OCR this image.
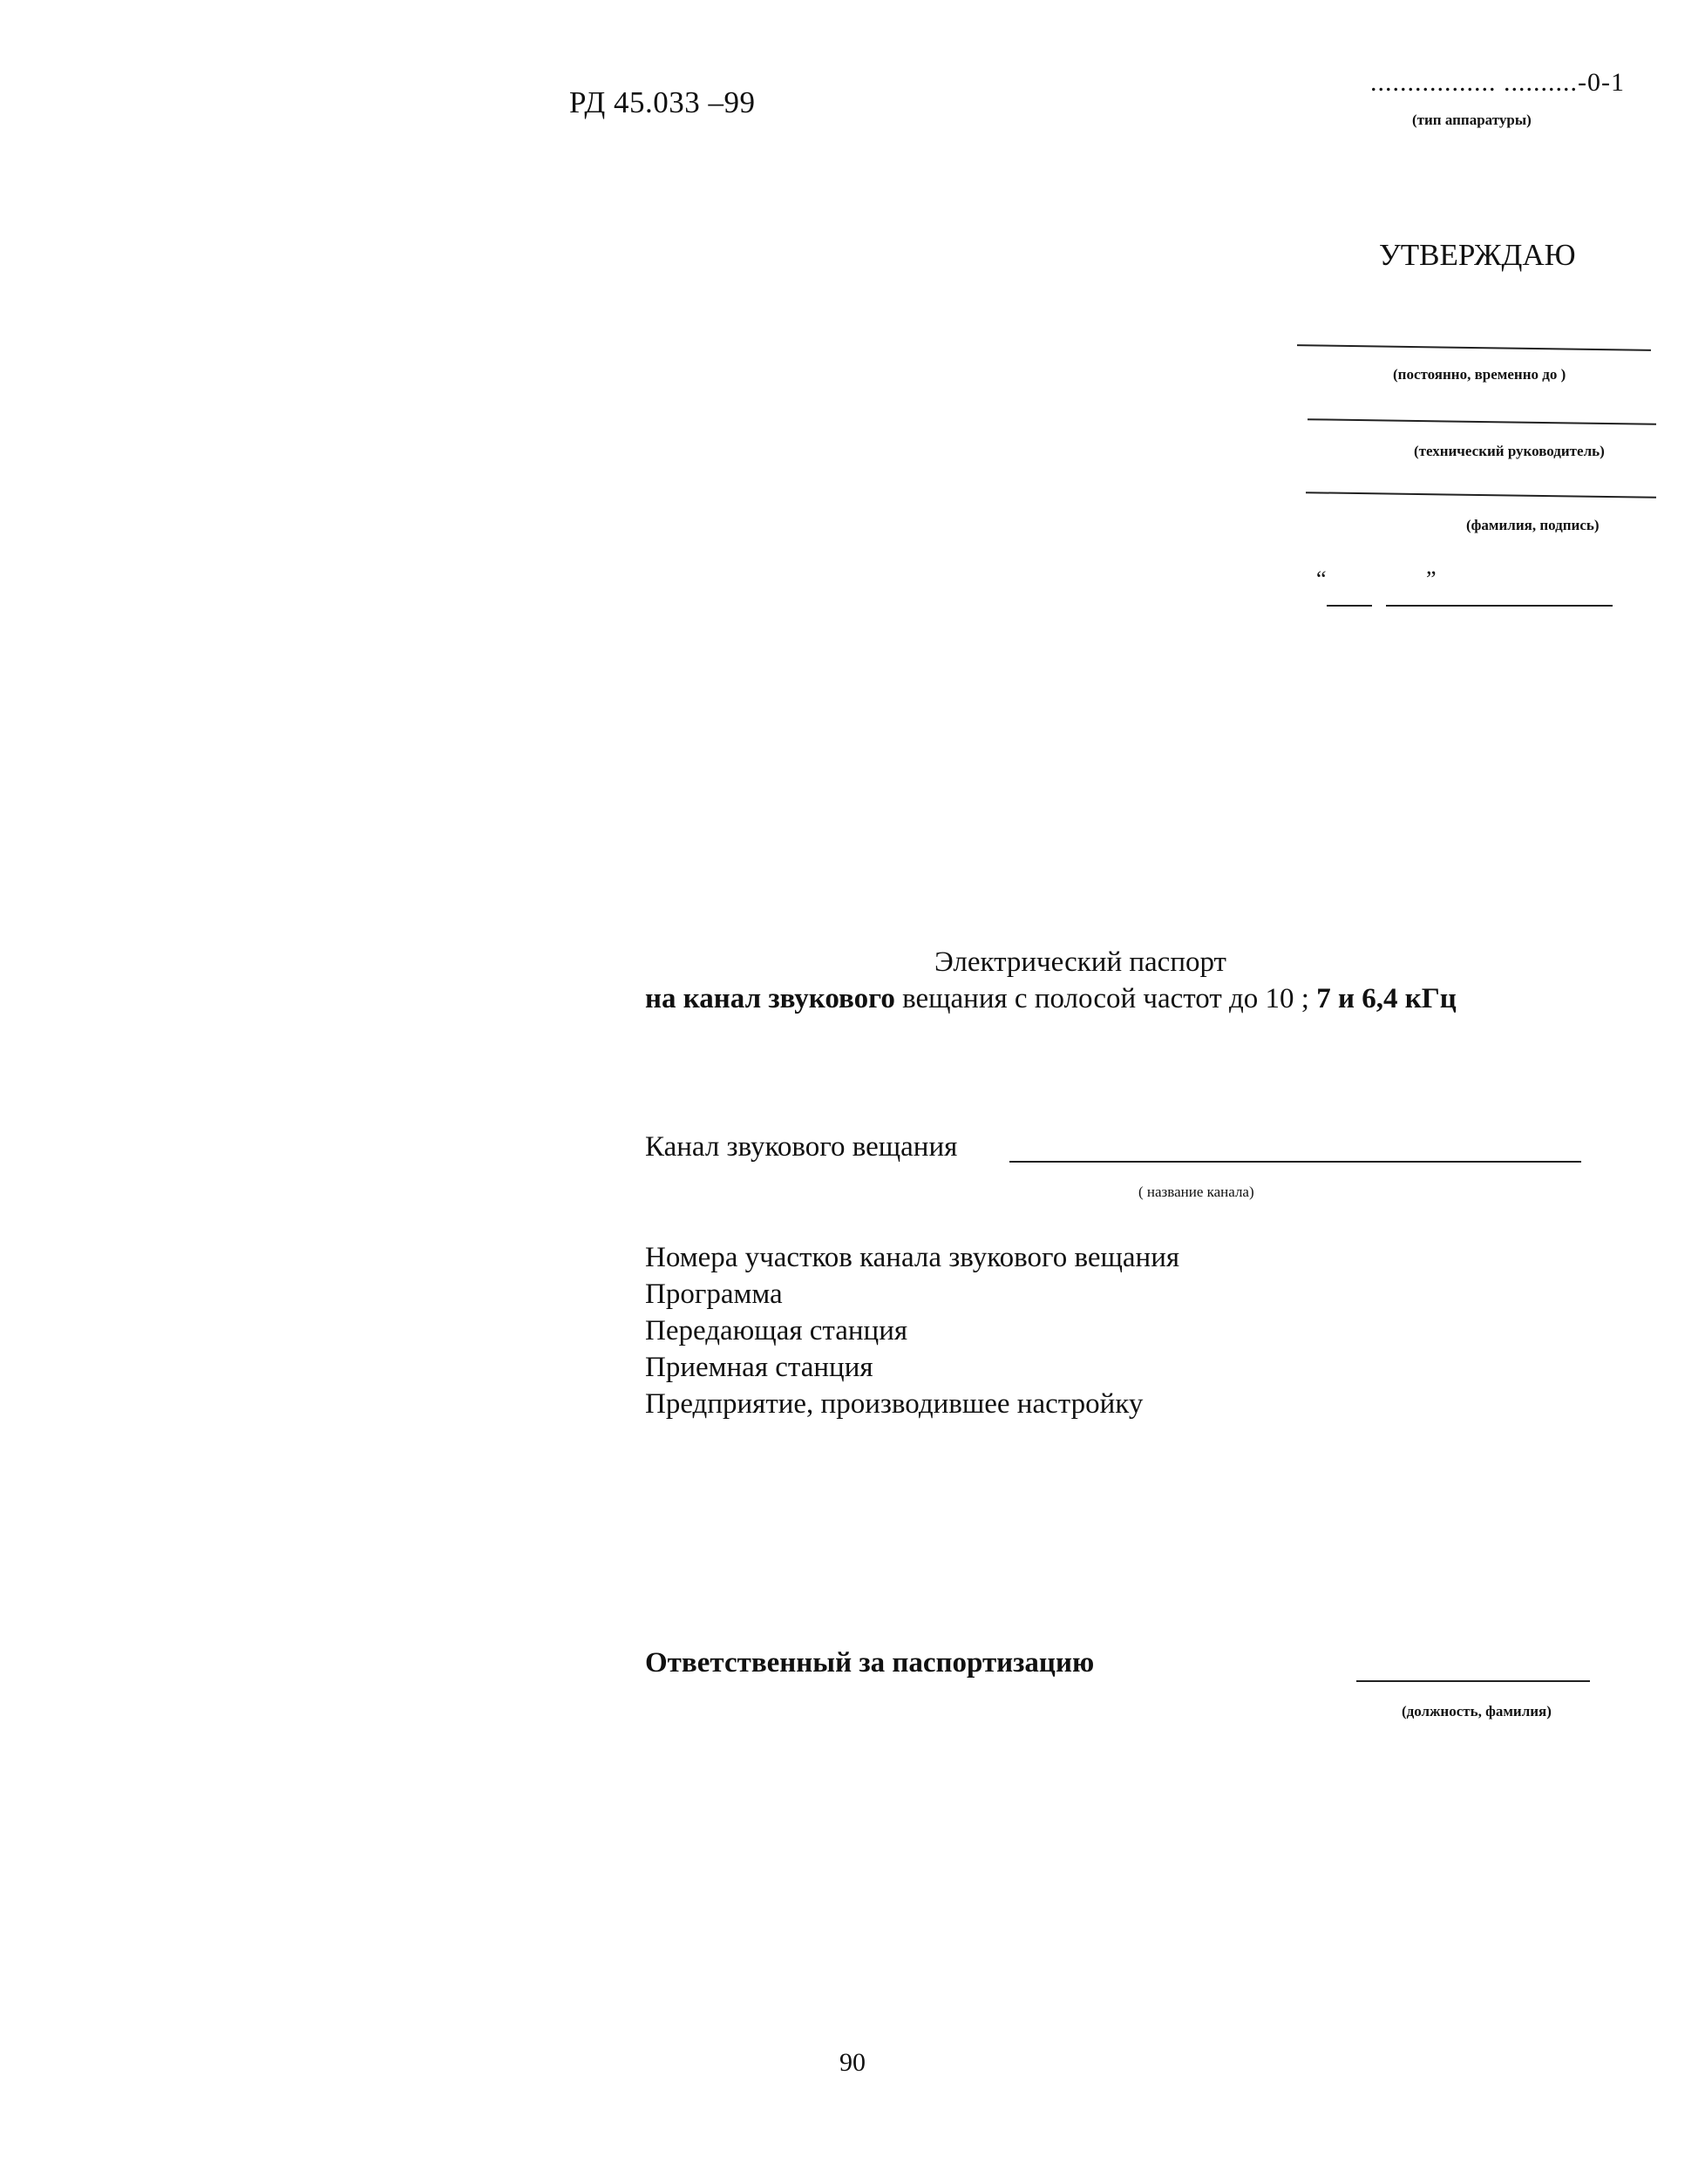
РД 45.033 –99
................. ..........-0-1
(тип аппаратуры)
УТВЕРЖДАЮ
(постоянно, временно до )
(технический руководитель)
(фамилия, подпись)
“ ”
Электрический паспорт
на канал звукового вещания с полосой частот до 10 ; 7 и 6,4 кГц
Канал звукового вещания
( название канала)
Номера участков канала звукового вещания
Программа
Передающая станция
Приемная станция
Предприятие, производившее настройку
Ответственный за паспортизацию
(должность, фамилия)
90
